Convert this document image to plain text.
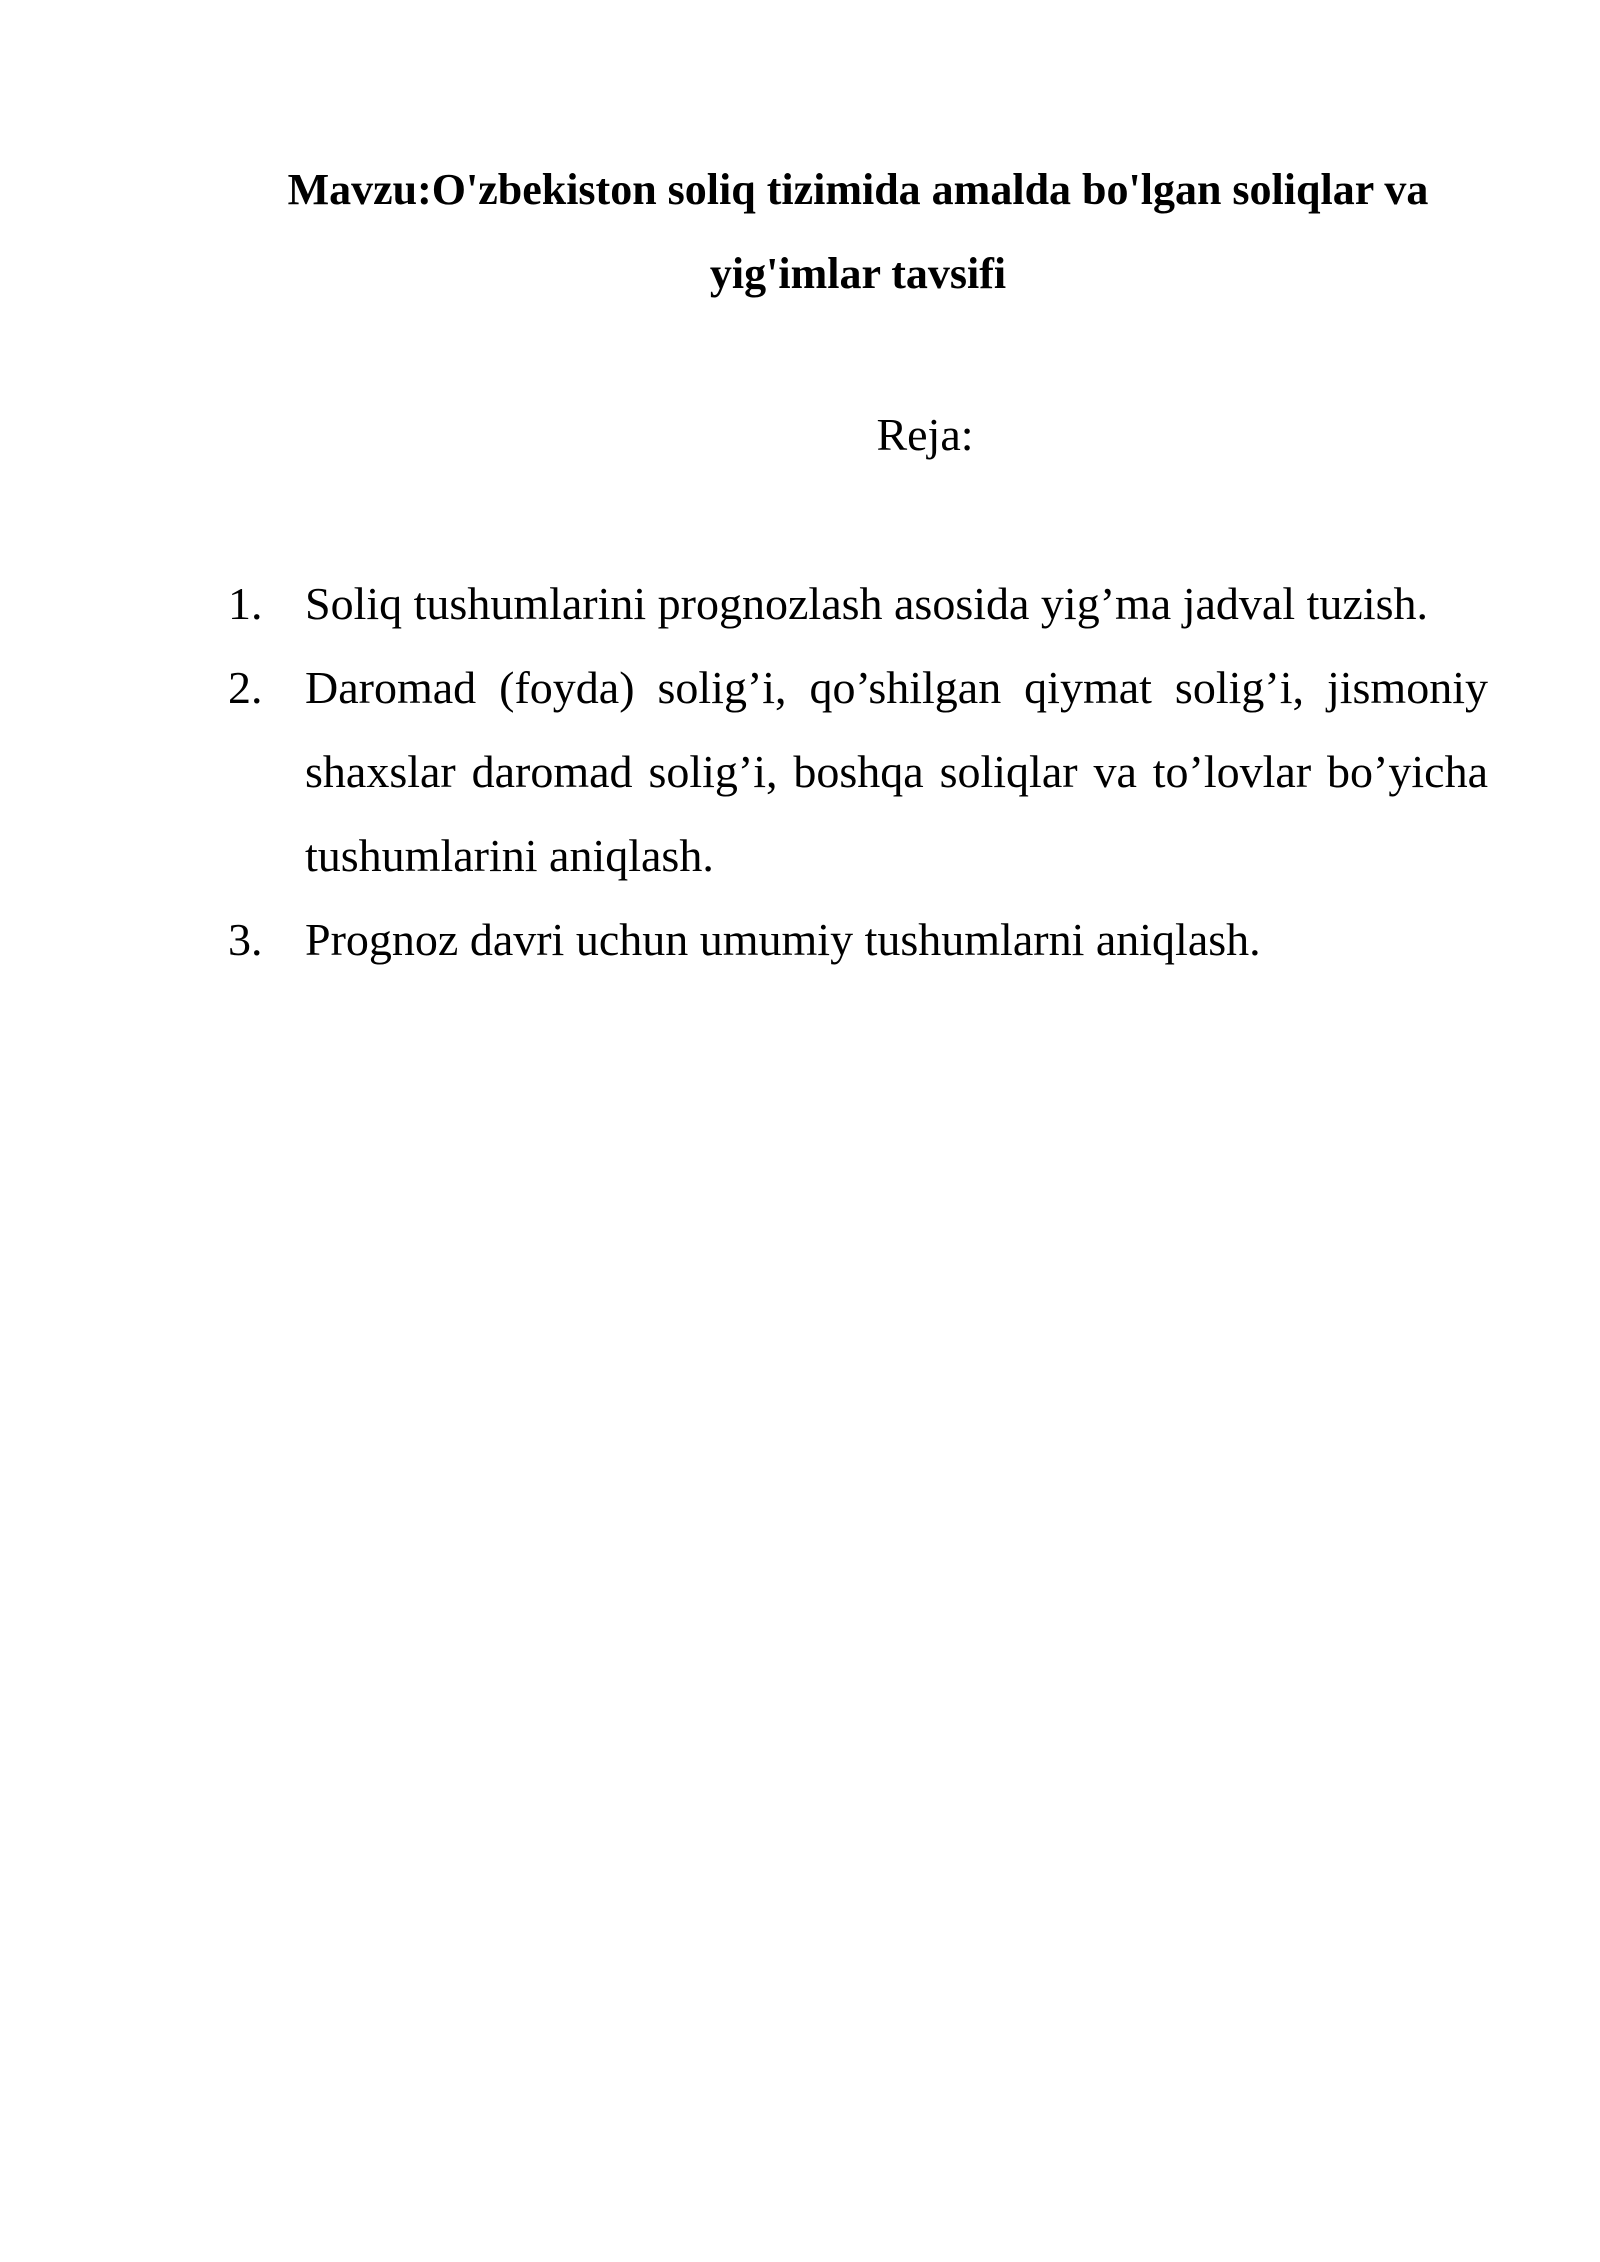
Mavzu:O'zbekiston soliq tizimida amalda bo'lgan soliqlar va yig'imlar tavsifi
Reja:
1. Soliq tushumlarini prognozlash asosida yig’ma jadval tuzish.
2. Daromad (foyda) solig’i, qo’shilgan qiymat solig’i, jismoniy shaxslar daromad solig’i, boshqa soliqlar va to’lovlar bo’yicha tushumlarini aniqlash.
3. Prognoz davri uchun umumiy tushumlarni aniqlash.
